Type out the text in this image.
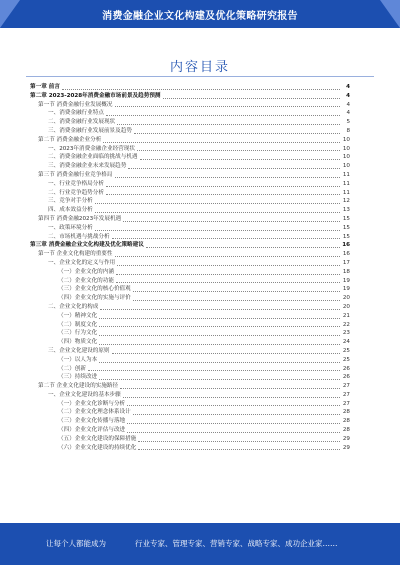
消费金融企业文化构建及优化策略研究报告
内容目录
第一章 前言	4
第二章 2023-2028年消费金融市场前景及趋势预测	4
第一节 消费金融行业发展概况	4
一、消费金融行业特点	4
二、消费金融行业发展现状	5
三、消费金融行业发展前景及趋势	8
第二节 消费金融企业分析	10
一、2023年消费金融企业经营现状	10
二、消费金融企业面临的挑战与机遇	10
三、消费金融企业未来发展趋势	10
第三节 消费金融行业竞争格局	11
一、行业竞争格局分析	11
二、行业竞争趋势分析	11
三、竞争对手分析	12
四、成本效益分析	13
第四节 消费金融2023年发展机遇	15
一、政策环境分析	15
二、市场机遇与挑战分析	15
第三章 消费金融企业文化构建及优化策略建议	16
第一节 企业文化构建的重要性	16
一、企业文化的定义与作用	17
（一）企业文化的内涵	18
（二）企业文化的功能	19
（三）企业文化的核心价值观	19
（四）企业文化的实施与评价	20
二、企业文化的构成	20
（一）精神文化	21
（二）制度文化	22
（三）行为文化	23
（四）物质文化	24
三、企业文化建设的原则	25
（一）以人为本	25
（二）创新	26
（三）持续改进	26
第二节 企业文化建设的实施路径	27
一、企业文化建设的基本步骤	27
（一）企业文化诊断与分析	27
（二）企业文化理念体系设计	28
（三）企业文化传播与落地	28
（四）企业文化评估与改进	28
（五）企业文化建设的保障措施	29
（六）企业文化建设的持续优化	29
让每个人都能成为	行业专家、管理专家、营销专家、战略专家、成功企业家……
